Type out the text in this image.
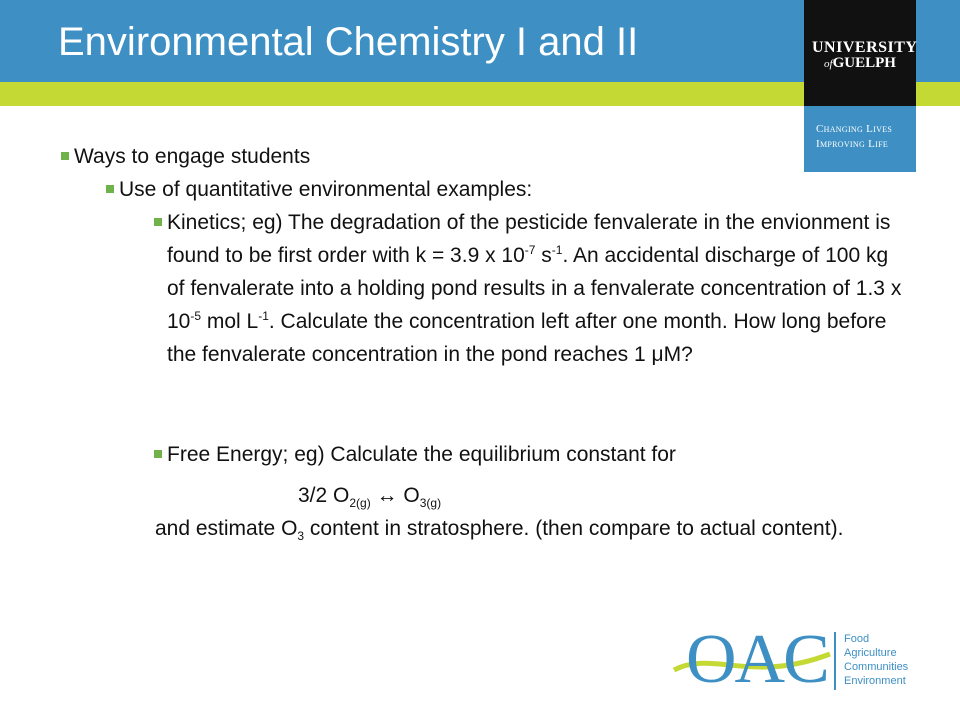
Environmental Chemistry I and II	UNIVERSITY
ofGUELPH
Changing Lives
Improving Life
Ways to engage students
Use of quantitative environmental examples:
Kinetics; eg) The degradation of the pesticide fenvalerate in the envionment is found to be first order with k = 3.9 x $10^{-7}$ $s^{-1}$. An accidental discharge of 100 kg of fenvalerate into a holding pond results in a fenvalerate concentration of 1.3 x $10^{-5}$ mol $L^{-1}$. Calculate the concentration left after one month. How long before the fenvalerate concentration in the pond reaches 1 μM?
Free Energy; eg) Calculate the equilibrium constant for
3/2 $O_{2(g)}$ ↔ $O_{3(g)}$
and estimate $O_3$ content in stratosphere. (then compare to actual content).
OAC Food
Agriculture
Communities
Environment
